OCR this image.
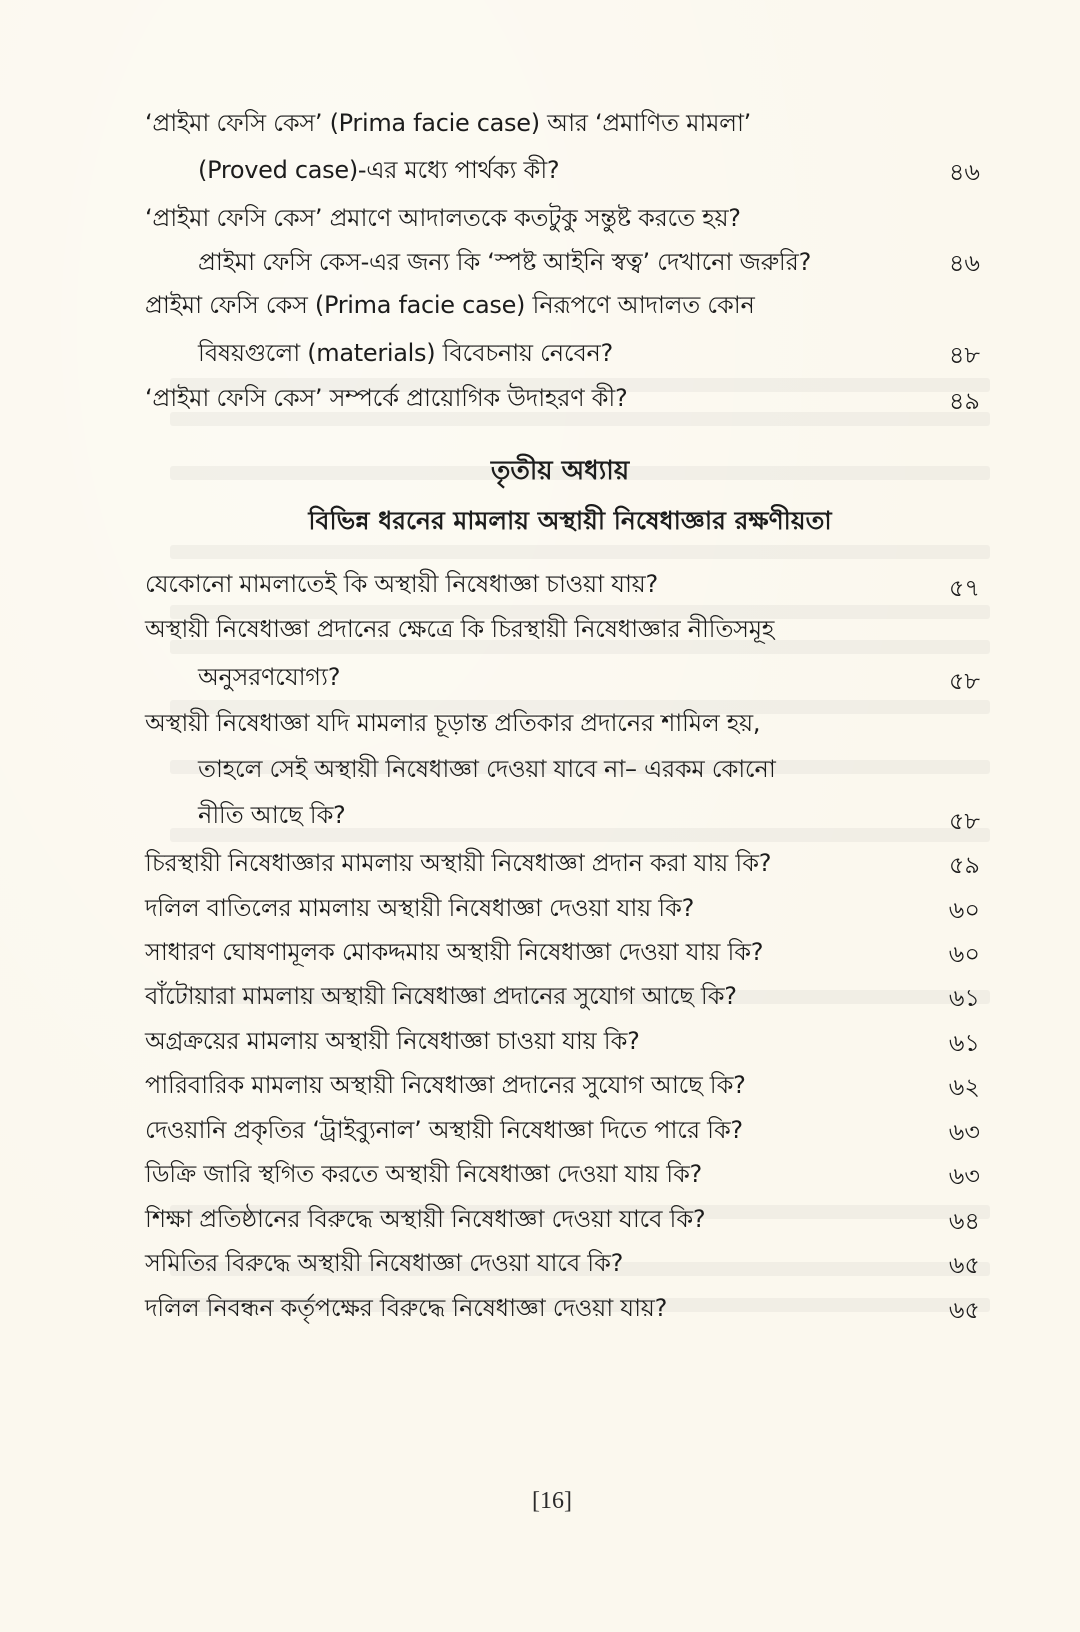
‘প্রাইমা ফেসি কেস’ (Prima facie case) আর ‘প্রমাণিত মামলা’
(Proved case)-এর মধ্যে পার্থক্য কী?	৪৬
‘প্রাইমা ফেসি কেস’ প্রমাণে আদালতকে কতটুকু সন্তুষ্ট করতে হয়?
প্রাইমা ফেসি কেস-এর জন্য কি ‘স্পষ্ট আইনি স্বত্ব’ দেখানো জরুরি?	৪৬
প্রাইমা ফেসি কেস (Prima facie case) নিরূপণে আদালত কোন
বিষয়গুলো (materials) বিবেচনায় নেবেন?	৪৮
‘প্রাইমা ফেসি কেস’ সম্পর্কে প্রায়োগিক উদাহরণ কী?	৪৯
তৃতীয় অধ্যায়
বিভিন্ন ধরনের মামলায় অস্থায়ী নিষেধাজ্ঞার রক্ষণীয়তা
যেকোনো মামলাতেই কি অস্থায়ী নিষেধাজ্ঞা চাওয়া যায়?	৫৭
অস্থায়ী নিষেধাজ্ঞা প্রদানের ক্ষেত্রে কি চিরস্থায়ী নিষেধাজ্ঞার নীতিসমূহ
অনুসরণযোগ্য?	৫৮
অস্থায়ী নিষেধাজ্ঞা যদি মামলার চূড়ান্ত প্রতিকার প্রদানের শামিল হয়,
তাহলে সেই অস্থায়ী নিষেধাজ্ঞা দেওয়া যাবে না– এরকম কোনো
নীতি আছে কি?	৫৮
চিরস্থায়ী নিষেধাজ্ঞার মামলায় অস্থায়ী নিষেধাজ্ঞা প্রদান করা যায় কি?	৫৯
দলিল বাতিলের মামলায় অস্থায়ী নিষেধাজ্ঞা দেওয়া যায় কি?	৬০
সাধারণ ঘোষণামূলক মোকদ্দমায় অস্থায়ী নিষেধাজ্ঞা দেওয়া যায় কি?	৬০
বাঁটোয়ারা মামলায় অস্থায়ী নিষেধাজ্ঞা প্রদানের সুযোগ আছে কি?	৬১
অগ্রক্রয়ের মামলায় অস্থায়ী নিষেধাজ্ঞা চাওয়া যায় কি?	৬১
পারিবারিক মামলায় অস্থায়ী নিষেধাজ্ঞা প্রদানের সুযোগ আছে কি?	৬২
দেওয়ানি প্রকৃতির ‘ট্রাইব্যুনাল’ অস্থায়ী নিষেধাজ্ঞা দিতে পারে কি?	৬৩
ডিক্রি জারি স্থগিত করতে অস্থায়ী নিষেধাজ্ঞা দেওয়া যায় কি?	৬৩
শিক্ষা প্রতিষ্ঠানের বিরুদ্ধে অস্থায়ী নিষেধাজ্ঞা দেওয়া যাবে কি?	৬৪
সমিতির বিরুদ্ধে অস্থায়ী নিষেধাজ্ঞা দেওয়া যাবে কি?	৬৫
দলিল নিবন্ধন কর্তৃপক্ষের বিরুদ্ধে নিষেধাজ্ঞা দেওয়া যায়?	৬৫
[16]
